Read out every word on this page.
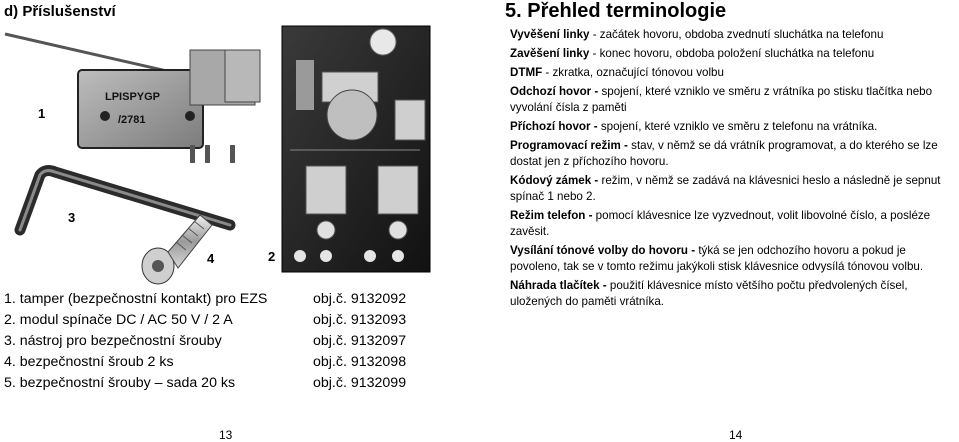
d) Příslušenství
LPISPYGP
/2781
1
2
3
4
1. tamper (bezpečnostní kontakt) pro EZS	obj.č. 9132092
2. modul spínače DC / AC 50 V / 2 A	obj.č. 9132093
3. nástroj pro bezpečnostní šrouby	obj.č. 9132097
4. bezpečnostní šroub 2 ks	obj.č. 9132098
5. bezpečnostní šrouby – sada 20 ks	obj.č. 9132099
13
5. Přehled terminologie

Vyvěšení linky - začátek hovoru, obdoba zvednutí sluchátka na telefonu

Zavěšení linky - konec hovoru, obdoba položení sluchátka na telefonu

DTMF - zkratka, označující tónovou volbu

Odchozí hovor - spojení, které vzniklo ve směru z vrátníka po stisku tlačítka nebo vyvolání čísla z paměti

Příchozí hovor - spojení, které vzniklo ve směru z telefonu na vrátníka.

Programovací režim - stav, v němž se dá vrátník programovat, a do kterého se lze dostat jen z příchozího hovoru.

Kódový zámek - režim, v němž se zadává na klávesnici heslo a následně je sepnut spínač 1 nebo 2.

Režim telefon - pomocí klávesnice lze vyzvednout, volit libovolné číslo, a posléze zavěsit.

Vysílání tónové volby do hovoru - týká se jen odchozího hovoru a pokud je povoleno, tak se v tomto režimu jakýkoli stisk klávesnice odvysílá tónovou volbu.

Náhrada tlačítek - použití klávesnice místo většího počtu předvolených čísel, uložených do paměti vrátníka.

14
